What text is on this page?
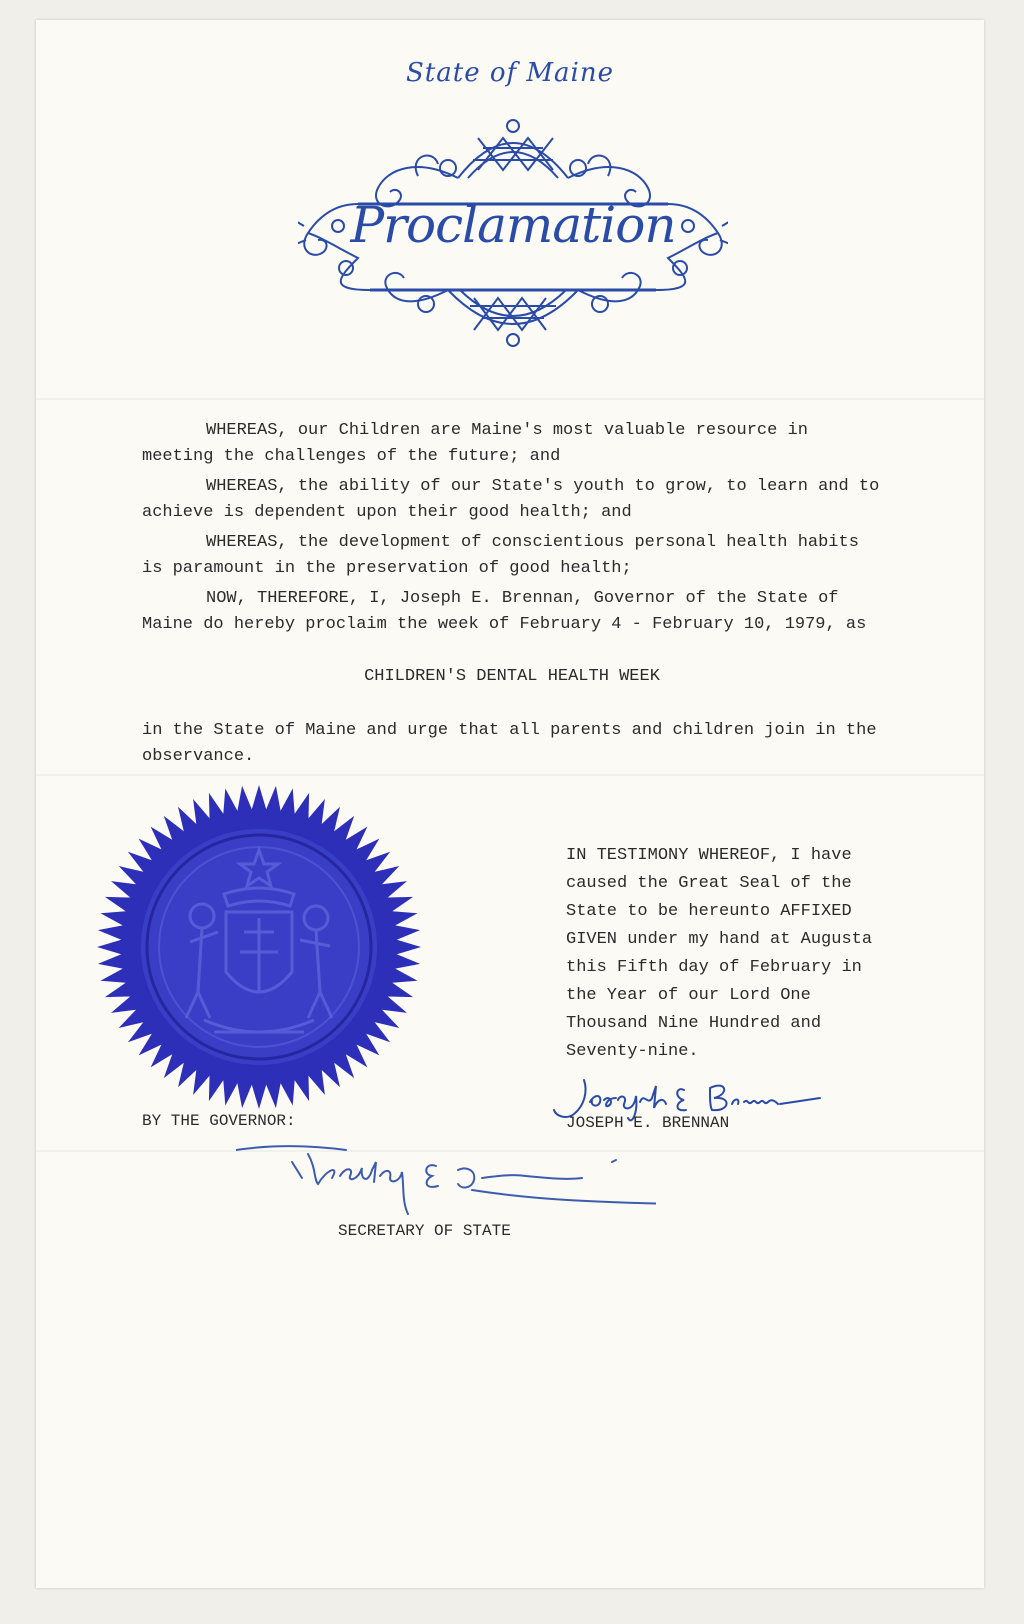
State of Maine
Proclamation

WHEREAS, our Children are Maine's most valuable resource in meeting the challenges of the future; and

WHEREAS, the ability of our State's youth to grow, to learn and to achieve is dependent upon their good health; and

WHEREAS, the development of conscientious personal health habits is paramount in the preservation of good health;

NOW, THEREFORE, I, Joseph E. Brennan, Governor of the State of Maine do hereby proclaim the week of February 4 - February 10, 1979, as

CHILDREN'S DENTAL HEALTH WEEK

in the State of Maine and urge that all parents and children join in the observance.

IN TESTIMONY WHEREOF, I have
caused the Great Seal of the
State to be hereunto AFFIXED
GIVEN under my hand at Augusta
this Fifth day of February in
the Year of our Lord One
Thousand Nine Hundred and
Seventy-nine.
JOSEPH E. BRENNAN
BY THE GOVERNOR:
SECRETARY OF STATE
